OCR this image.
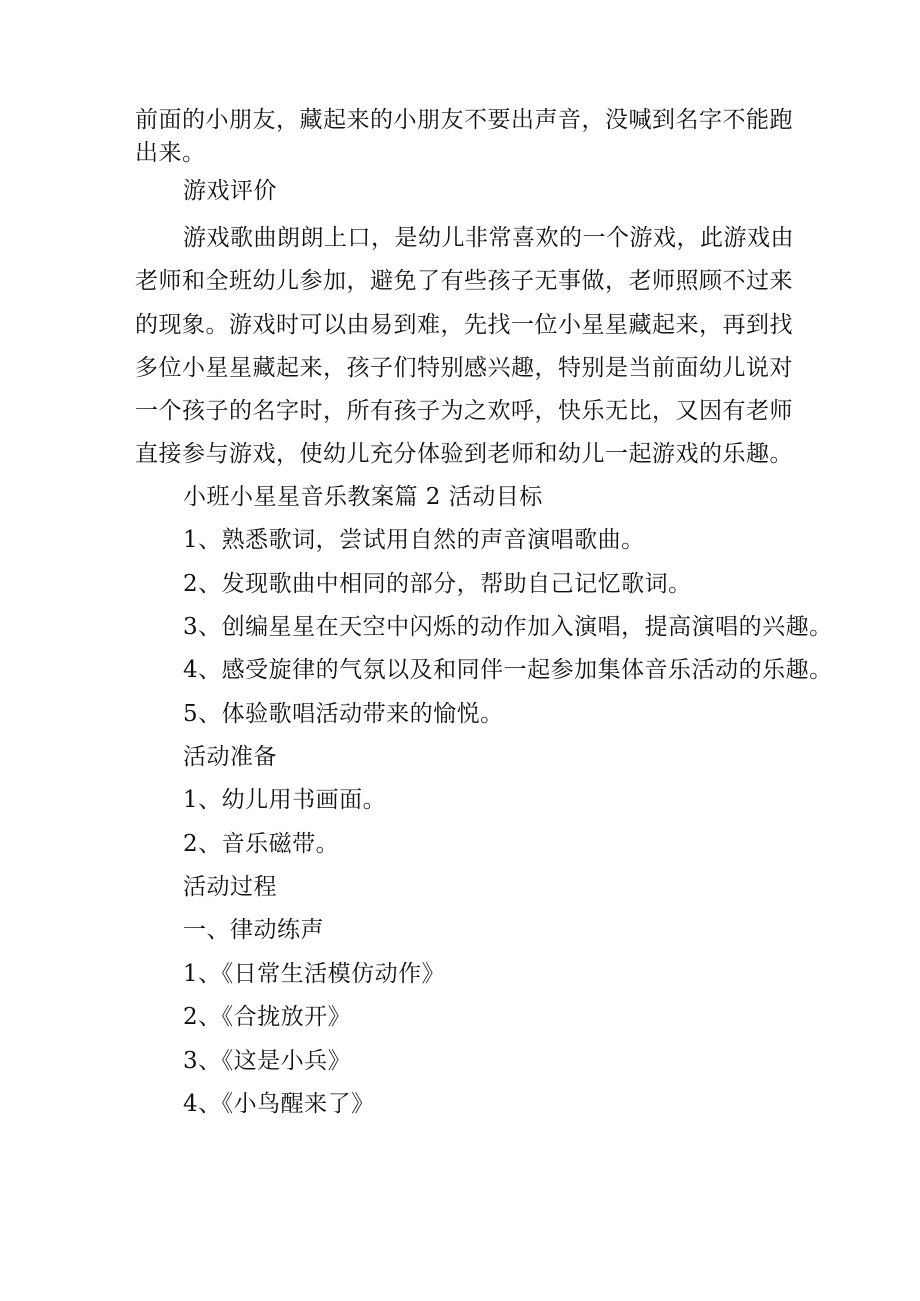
前面的小朋友，藏起来的小朋友不要出声音，没喊到名字不能跑
出来。
游戏评价
游戏歌曲朗朗上口，是幼儿非常喜欢的一个游戏，此游戏由
老师和全班幼儿参加，避免了有些孩子无事做，老师照顾不过来
的现象。游戏时可以由易到难，先找一位小星星藏起来，再到找
多位小星星藏起来，孩子们特别感兴趣，特别是当前面幼儿说对
一个孩子的名字时，所有孩子为之欢呼，快乐无比，又因有老师
直接参与游戏，使幼儿充分体验到老师和幼儿一起游戏的乐趣。
小班小星星音乐教案篇 2 活动目标
1、熟悉歌词，尝试用自然的声音演唱歌曲。
2、发现歌曲中相同的部分，帮助自己记忆歌词。
3、创编星星在天空中闪烁的动作加入演唱，提高演唱的兴趣。
4、感受旋律的气氛以及和同伴一起参加集体音乐活动的乐趣。
5、体验歌唱活动带来的愉悦。
活动准备
1、幼儿用书画面。
2、音乐磁带。
活动过程
一、律动练声
1、《日常生活模仿动作》
2、《合拢放开》
3、《这是小兵》
4、《小鸟醒来了》
